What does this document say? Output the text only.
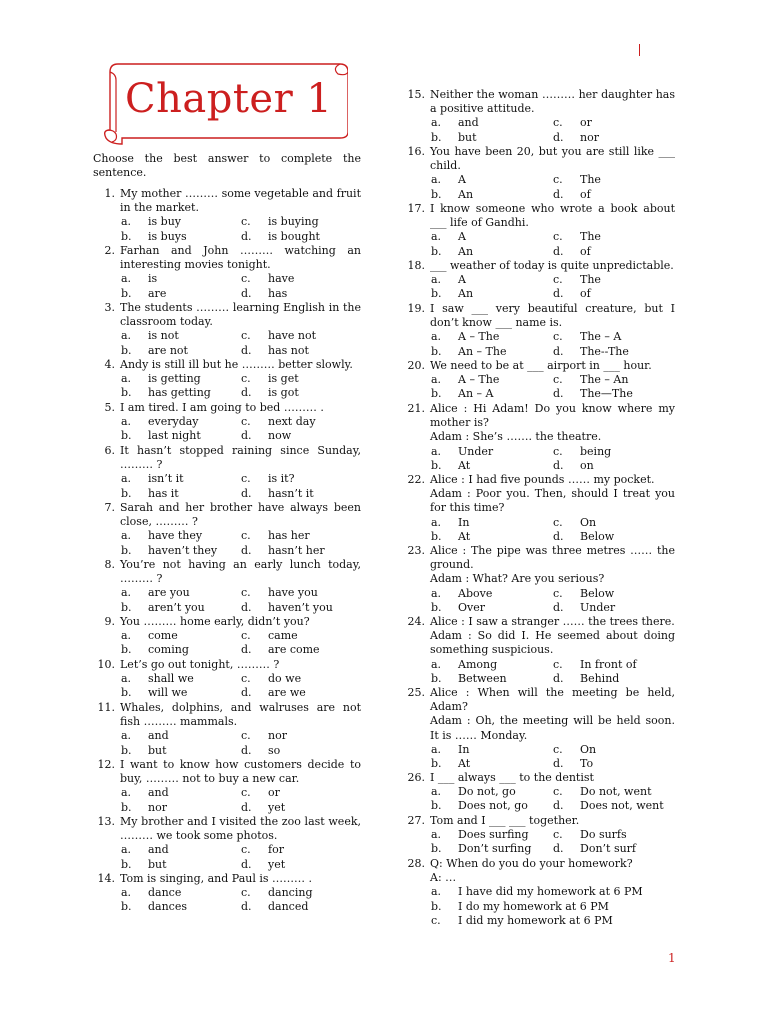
Chapter 1
Choose the best answer to complete the sentence.
1. My mother ……… some vegetable and fruit in the market.
a.	is buy	c.	is buying
b.	is buys	d.	is bought
2. Farhan and John ……… watching an interesting movies tonight.
a.	is	c.	have
b.	are	d.	has
3. The students ……… learning English in the classroom today.
a.	is not	c.	have not
b.	are not	d.	has not
4. Andy is still ill but he ……… better slowly.
a.	is getting	c.	is get
b.	has getting	d.	is got
5. I am tired. I am going to bed ……… .
a.	everyday	c.	next day
b.	last night	d.	now
6. It hasn’t stopped raining since Sunday, ……… ?
a.	isn’t it	c.	is it?
b.	has it	d.	hasn’t it
7. Sarah and her brother have always been close, ……… ?
a.	have they	c.	has her
b.	haven’t they	d.	hasn’t her
8. You’re not having an early lunch today, ……… ?
a.	are you	c.	have you
b.	aren’t you	d.	haven’t you
9. You ……… home early, didn’t you?
a.	come	c.	came
b.	coming	d.	are come
10. Let’s go out tonight, ……… ?
a.	shall we	c.	do we
b.	will we	d.	are we
11. Whales, dolphins, and walruses are not fish ……… mammals.
a.	and	c.	nor
b.	but	d.	so
12. I want to know how customers decide to buy, ……… not to buy a new car.
a.	and	c.	or
b.	nor	d.	yet
13. My brother and I visited the zoo last week, ……… we took some photos.
a.	and	c.	for
b.	but	d.	yet
14. Tom is singing, and Paul is ……… .
a.	dance	c.	dancing
b.	dances	d.	danced
15. Neither the woman ……… her daughter has a positive attitude.
a.	and	c.	or
b.	but	d.	nor
16. You have been 20, but you are still like ___ child.
a.	A	c.	The
b.	An	d.	of
17. I know someone who wrote a book about ___ life of Gandhi.
a.	A	c.	The
b.	An	d.	of
18. ___ weather of today is quite unpredictable.
a.	A	c.	The
b.	An	d.	of
19. I saw ___ very beautiful creature, but I don’t know ___ name is.
a.	A – The	c.	The – A
b.	An – The	d.	The--The
20. We need to be at ___ airport in ___ hour.
a.	A – The	c.	The – An
b.	An – A	d.	The—The
21. Alice : Hi Adam! Do you know where my mother is?
Adam : She’s ……. the theatre.
a.	Under	c.	being
b.	At	d.	on
22. Alice : I had five pounds …… my pocket.
Adam : Poor you. Then, should I treat you for this time?
a.	In	c.	On
b.	At	d.	Below
23. Alice : The pipe was three metres …… the ground.
Adam : What? Are you serious?
a.	Above	c.	Below
b.	Over	d.	Under
24. Alice : I saw a stranger …… the trees there.
Adam : So did I. He seemed about doing something suspicious.
a.	Among	c.	In front of
b.	Between	d.	Behind
25. Alice : When will the meeting be held, Adam?
Adam : Oh, the meeting will be held soon. It is …… Monday.
a.	In	c.	On
b.	At	d.	To
26. I ___ always ___ to the dentist
a.	Do not, go	c.	Do not, went
b.	Does not, go	d.	Does not, went
27. Tom and I ___ ___ together.
a.	Does surfing	c.	Do surfs
b.	Don’t surfing	d.	Don’t surf
28. Q: When do you do your homework?
A: …
a.	I have did my homework at 6 PM
b.	I do my homework at 6 PM
c.	I did my homework at 6 PM
1
